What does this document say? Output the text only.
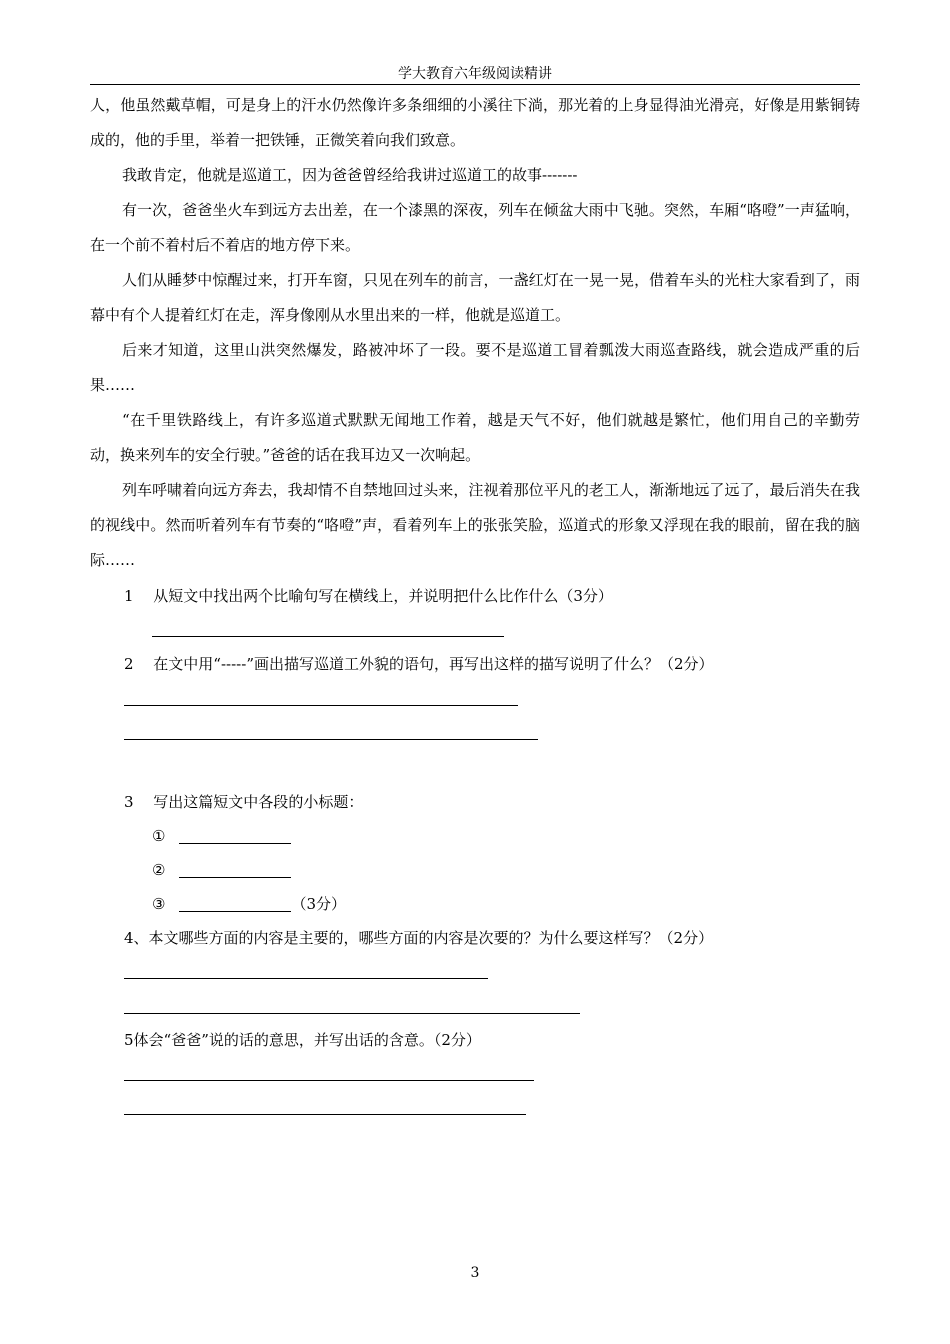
学大教育六年级阅读精讲

人，他虽然戴草帽，可是身上的汗水仍然像许多条细细的小溪往下淌，那光着的上身显得油光滑亮，好像是用紫铜铸成的，他的手里，举着一把铁锤，正微笑着向我们致意。

我敢肯定，他就是巡道工，因为爸爸曾经给我讲过巡道工的故事-------

有一次，爸爸坐火车到远方去出差，在一个漆黑的深夜，列车在倾盆大雨中飞驰。突然，车厢“咯噔”一声猛响，在一个前不着村后不着店的地方停下来。

人们从睡梦中惊醒过来，打开车窗，只见在列车的前言，一盏红灯在一晃一晃，借着车头的光柱大家看到了，雨幕中有个人提着红灯在走，浑身像刚从水里出来的一样，他就是巡道工。

后来才知道，这里山洪突然爆发，路被冲坏了一段。要不是巡道工冒着瓢泼大雨巡查路线，就会造成严重的后果……

“在千里铁路线上，有许多巡道式默默无闻地工作着，越是天气不好，他们就越是繁忙，他们用自己的辛勤劳动，换来列车的安全行驶。”爸爸的话在我耳边又一次响起。

列车呼啸着向远方奔去，我却情不自禁地回过头来，注视着那位平凡的老工人，渐渐地远了远了，最后消失在我的视线中。然而听着列车有节奏的“咯噔”声，看着列车上的张张笑脸，巡道式的形象又浮现在我的眼前，留在我的脑际……

1　 从短文中找出两个比喻句写在横线上，并说明把什么比作什么（3分）
2　 在文中用“-----”画出描写巡道工外貌的语句，再写出这样的描写说明了什么？（2分）
3　 写出这篇短文中各段的小标题：
①
②
③	（3分）
4、本文哪些方面的内容是主要的，哪些方面的内容是次要的？为什么要这样写？（2分）
5体会“爸爸”说的话的意思，并写出话的含意。（2分）
3
